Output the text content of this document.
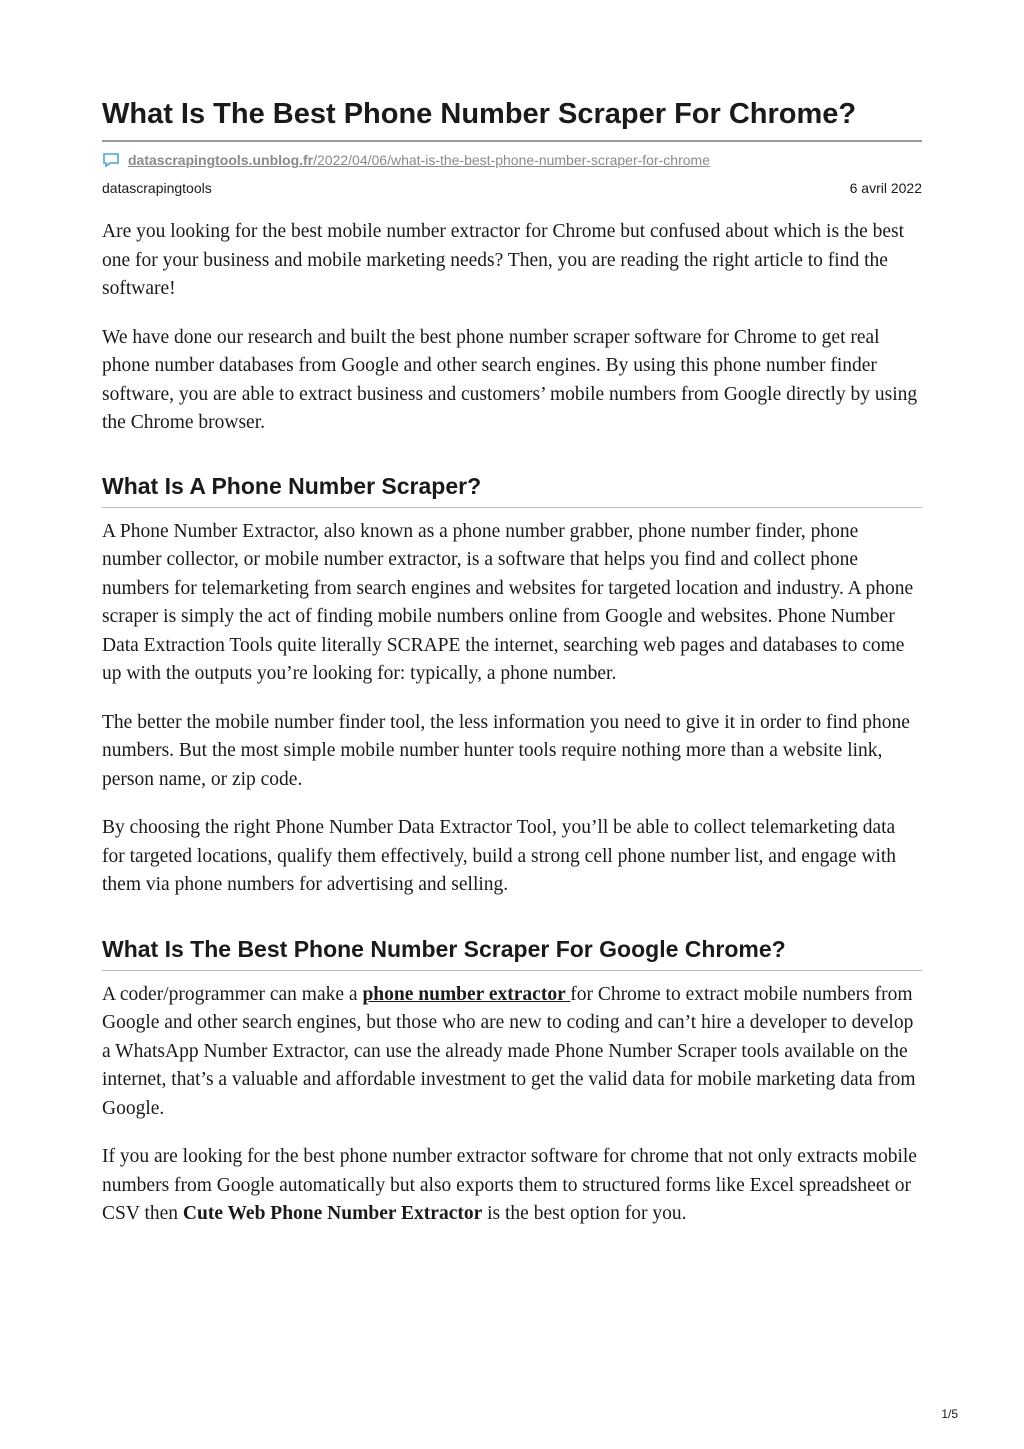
What Is The Best Phone Number Scraper For Chrome?
datascrapingtools.unblog.fr/2022/04/06/what-is-the-best-phone-number-scraper-for-chrome
datascrapingtools	6 avril 2022

Are you looking for the best mobile number extractor for Chrome but confused about which is the best one for your business and mobile marketing needs? Then, you are reading the right article to find the software!

We have done our research and built the best phone number scraper software for Chrome to get real phone number databases from Google and other search engines. By using this phone number finder software, you are able to extract business and customers’ mobile numbers from Google directly by using the Chrome browser.

What Is A Phone Number Scraper?

A Phone Number Extractor, also known as a phone number grabber, phone number finder, phone number collector, or mobile number extractor, is a software that helps you find and collect phone numbers for telemarketing from search engines and websites for targeted location and industry. A phone scraper is simply the act of finding mobile numbers online from Google and websites. Phone Number Data Extraction Tools quite literally SCRAPE the internet, searching web pages and databases to come up with the outputs you’re looking for: typically, a phone number.

The better the mobile number finder tool, the less information you need to give it in order to find phone numbers. But the most simple mobile number hunter tools require nothing more than a website link, person name, or zip code.

By choosing the right Phone Number Data Extractor Tool, you’ll be able to collect telemarketing data for targeted locations, qualify them effectively, build a strong cell phone number list, and engage with them via phone numbers for advertising and selling.

What Is The Best Phone Number Scraper For Google Chrome?

A coder/programmer can make a phone number extractor for Chrome to extract mobile numbers from Google and other search engines, but those who are new to coding and can’t hire a developer to develop a WhatsApp Number Extractor, can use the already made Phone Number Scraper tools available on the internet, that’s a valuable and affordable investment to get the valid data for mobile marketing data from Google.

If you are looking for the best phone number extractor software for chrome that not only extracts mobile numbers from Google automatically but also exports them to structured forms like Excel spreadsheet or CSV then Cute Web Phone Number Extractor is the best option for you.

1/5
